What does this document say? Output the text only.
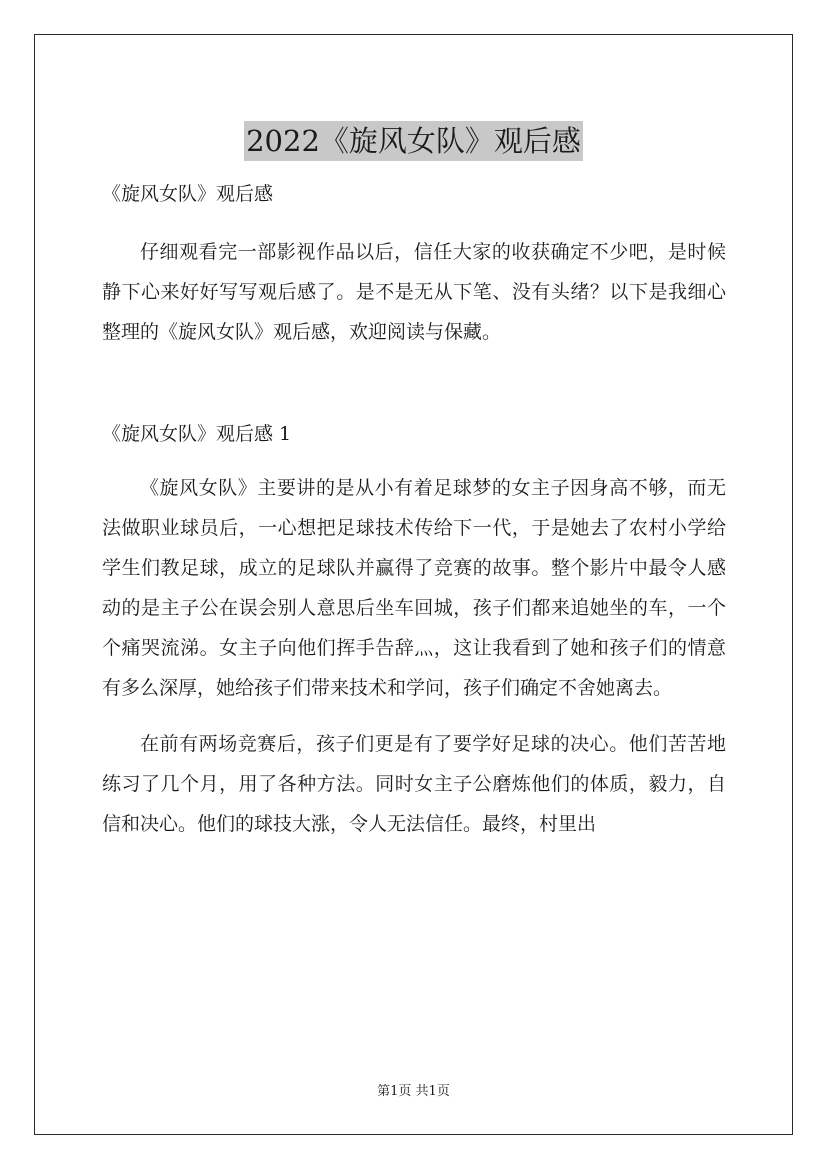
2022《旋风女队》观后感

《旋风女队》观后感

仔细观看完一部影视作品以后，信任大家的收获确定不少吧，是时候静下心来好好写写观后感了。是不是无从下笔、没有头绪？以下是我细心整理的《旋风女队》观后感，欢迎阅读与保藏。

《旋风女队》观后感 1

《旋风女队》主要讲的是从小有着足球梦的女主子因身高不够，而无法做职业球员后，一心想把足球技术传给下一代，于是她去了农村小学给学生们教足球，成立的足球队并赢得了竞赛的故事。整个影片中最令人感动的是主子公在误会别人意思后坐车回城，孩子们都来追她坐的车，一个个痛哭流涕。女主子向他们挥手告辞灬，这让我看到了她和孩子们的情意有多么深厚，她给孩子们带来技术和学问，孩子们确定不舍她离去。

在前有两场竞赛后，孩子们更是有了要学好足球的决心。他们苦苦地练习了几个月，用了各种方法。同时女主子公磨炼他们的体质，毅力，自信和决心。他们的球技大涨，令人无法信任。最终，村里出

第1页 共1页
